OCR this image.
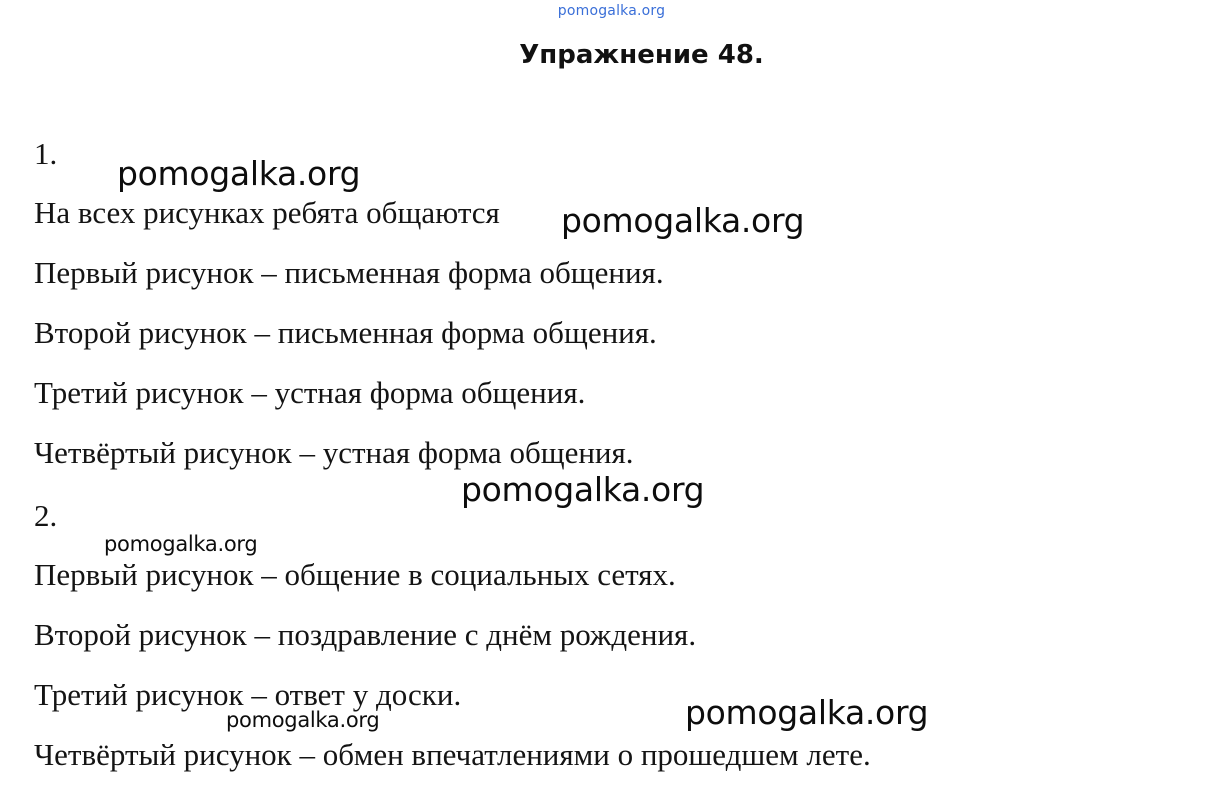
pomogalka.org
Упражнение 48.
1.
На всех рисунках ребята общаются
Первый рисунок – письменная форма общения.
Второй рисунок – письменная форма общения.
Третий рисунок – устная форма общения.
Четвёртый рисунок – устная форма общения.
2.
Первый рисунок – общение в социальных сетях.
Второй рисунок – поздравление с днём рождения.
Третий рисунок – ответ у доски.
Четвёртый рисунок – обмен впечатлениями о прошедшем лете.
pomogalka.org
pomogalka.org
pomogalka.org
pomogalka.org
pomogalka.org	pomogalka.org
